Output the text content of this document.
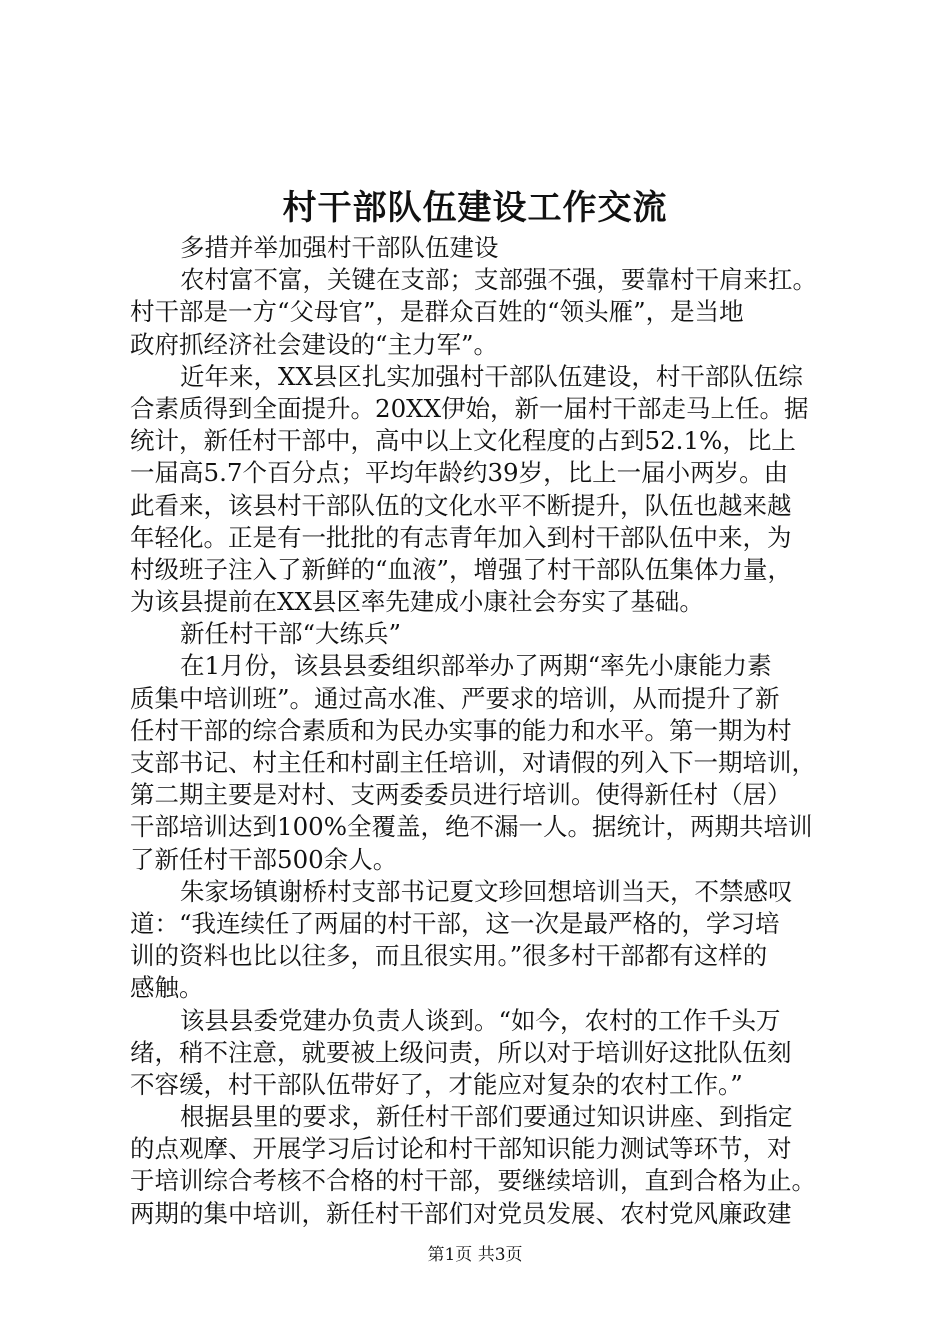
村干部队伍建设工作交流
多措并举加强村干部队伍建设
农村富不富，关键在支部；支部强不强，要靠村干肩来扛。
村干部是一方“父母官”，是群众百姓的“领头雁”，是当地
政府抓经济社会建设的“主力军”。
近年来，XX县区扎实加强村干部队伍建设，村干部队伍综
合素质得到全面提升。20XX伊始，新一届村干部走马上任。据
统计，新任村干部中，高中以上文化程度的占到52.1%，比上
一届高5.7个百分点；平均年龄约39岁，比上一届小两岁。由
此看来，该县村干部队伍的文化水平不断提升，队伍也越来越
年轻化。正是有一批批的有志青年加入到村干部队伍中来，为
村级班子注入了新鲜的“血液”，增强了村干部队伍集体力量，
为该县提前在XX县区率先建成小康社会夯实了基础。
新任村干部“大练兵”
在1月份，该县县委组织部举办了两期“率先小康能力素
质集中培训班”。通过高水准、严要求的培训，从而提升了新
任村干部的综合素质和为民办实事的能力和水平。第一期为村
支部书记、村主任和村副主任培训，对请假的列入下一期培训，
第二期主要是对村、支两委委员进行培训。使得新任村（居）
干部培训达到100%全覆盖，绝不漏一人。据统计，两期共培训
了新任村干部500余人。
朱家场镇谢桥村支部书记夏文珍回想培训当天，不禁感叹
道：“我连续任了两届的村干部，这一次是最严格的，学习培
训的资料也比以往多，而且很实用。”很多村干部都有这样的
感触。
该县县委党建办负责人谈到。“如今，农村的工作千头万
绪，稍不注意，就要被上级问责，所以对于培训好这批队伍刻
不容缓，村干部队伍带好了，才能应对复杂的农村工作。”
根据县里的要求，新任村干部们要通过知识讲座、到指定
的点观摩、开展学习后讨论和村干部知识能力测试等环节，对
于培训综合考核不合格的村干部，要继续培训，直到合格为止。
两期的集中培训，新任村干部们对党员发展、农村党风廉政建
第1页 共3页
